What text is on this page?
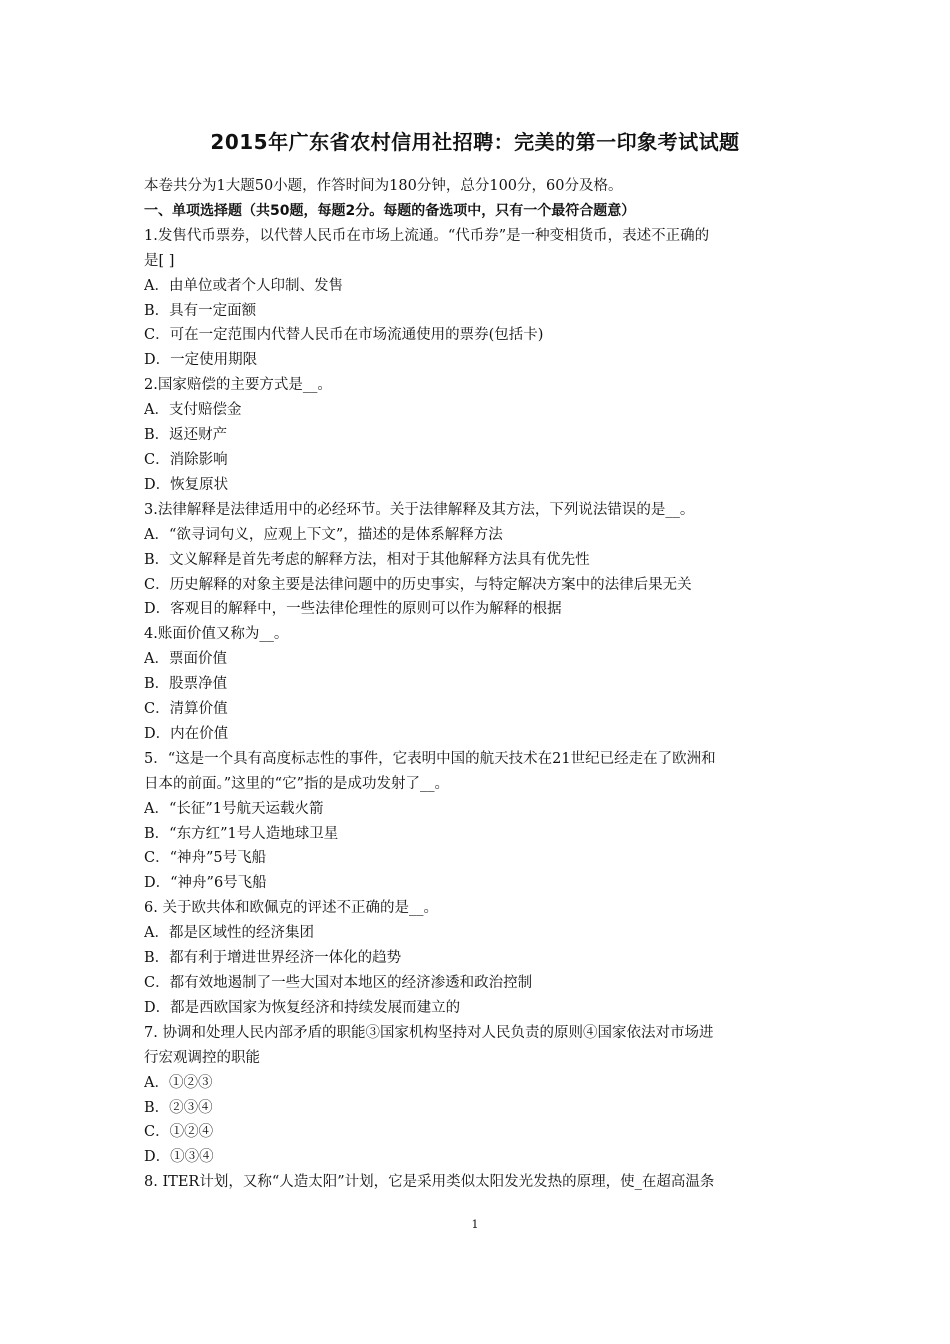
2015年广东省农村信用社招聘：完美的第一印象考试试题
本卷共分为1大题50小题，作答时间为180分钟，总分100分，60分及格。
一、单项选择题（共50题，每题2分。每题的备选项中，只有一个最符合题意）
1.发售代币票券，以代替人民币在市场上流通。“代币券”是一种变相货币，表述不正确的
是[ ]
A．由单位或者个人印制、发售
B．具有一定面额
C．可在一定范围内代替人民币在市场流通使用的票券(包括卡)
D．一定使用期限
2.国家赔偿的主要方式是__。
A．支付赔偿金
B．返还财产
C．消除影响
D．恢复原状
3.法律解释是法律适用中的必经环节。关于法律解释及其方法，下列说法错误的是__。
A．“欲寻词句义，应观上下文”，描述的是体系解释方法
B．文义解释是首先考虑的解释方法，相对于其他解释方法具有优先性
C．历史解释的对象主要是法律问题中的历史事实，与特定解决方案中的法律后果无关
D．客观目的解释中，一些法律伦理性的原则可以作为解释的根据
4.账面价值又称为__。
A．票面价值
B．股票净值
C．清算价值
D．内在价值
5．“这是一个具有高度标志性的事件，它表明中国的航天技术在21世纪已经走在了欧洲和
日本的前面。”这里的“它”指的是成功发射了__。
A．“长征”1号航天运载火箭
B．“东方红”1号人造地球卫星
C．“神舟”5号飞船
D．“神舟”6号飞船
6. 关于欧共体和欧佩克的评述不正确的是__。
A．都是区域性的经济集团
B．都有利于增进世界经济一体化的趋势
C．都有效地遏制了一些大国对本地区的经济渗透和政治控制
D．都是西欧国家为恢复经济和持续发展而建立的
7. 协调和处理人民内部矛盾的职能③国家机构坚持对人民负责的原则④国家依法对市场进
行宏观调控的职能
A．①②③
B．②③④
C．①②④
D．①③④
8. ITER计划，又称“人造太阳”计划，它是采用类似太阳发光发热的原理，使_在超高温条
1
